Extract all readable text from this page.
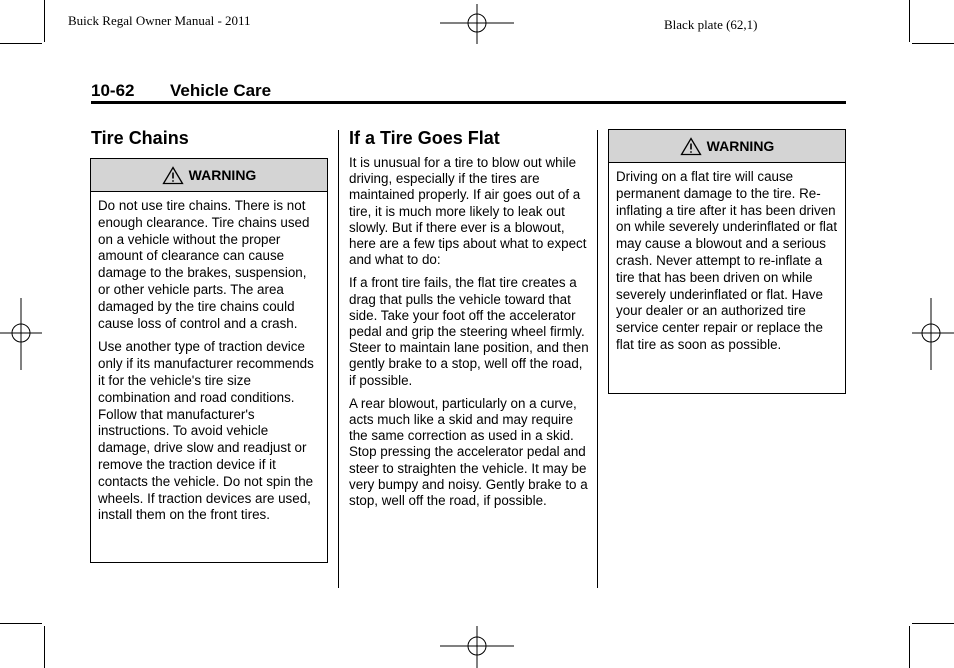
Buick Regal Owner Manual - 2011	Black plate (62,1)
10-62 Vehicle Care
Tire Chains
WARNING

Do not use tire chains. There is not enough clearance. Tire chains used on a vehicle without the proper amount of clearance can cause damage to the brakes, suspension, or other vehicle parts. The area damaged by the tire chains could cause loss of control and a crash.

Use another type of traction device only if its manufacturer recommends it for the vehicle's tire size combination and road conditions. Follow that manufacturer's instructions. To avoid vehicle damage, drive slow and readjust or remove the traction device if it contacts the vehicle. Do not spin the wheels. If traction devices are used, install them on the front tires.

If a Tire Goes Flat

It is unusual for a tire to blow out while driving, especially if the tires are maintained properly. If air goes out of a tire, it is much more likely to leak out slowly. But if there ever is a blowout, here are a few tips about what to expect and what to do:

If a front tire fails, the flat tire creates a drag that pulls the vehicle toward that side. Take your foot off the accelerator pedal and grip the steering wheel firmly. Steer to maintain lane position, and then gently brake to a stop, well off the road, if possible.

A rear blowout, particularly on a curve, acts much like a skid and may require the same correction as used in a skid. Stop pressing the accelerator pedal and steer to straighten the vehicle. It may be very bumpy and noisy. Gently brake to a stop, well off the road, if possible.

WARNING

Driving on a flat tire will cause permanent damage to the tire. Re-inflating a tire after it has been driven on while severely underinflated or flat may cause a blowout and a serious crash. Never attempt to re-inflate a tire that has been driven on while severely underinflated or flat. Have your dealer or an authorized tire service center repair or replace the flat tire as soon as possible.
